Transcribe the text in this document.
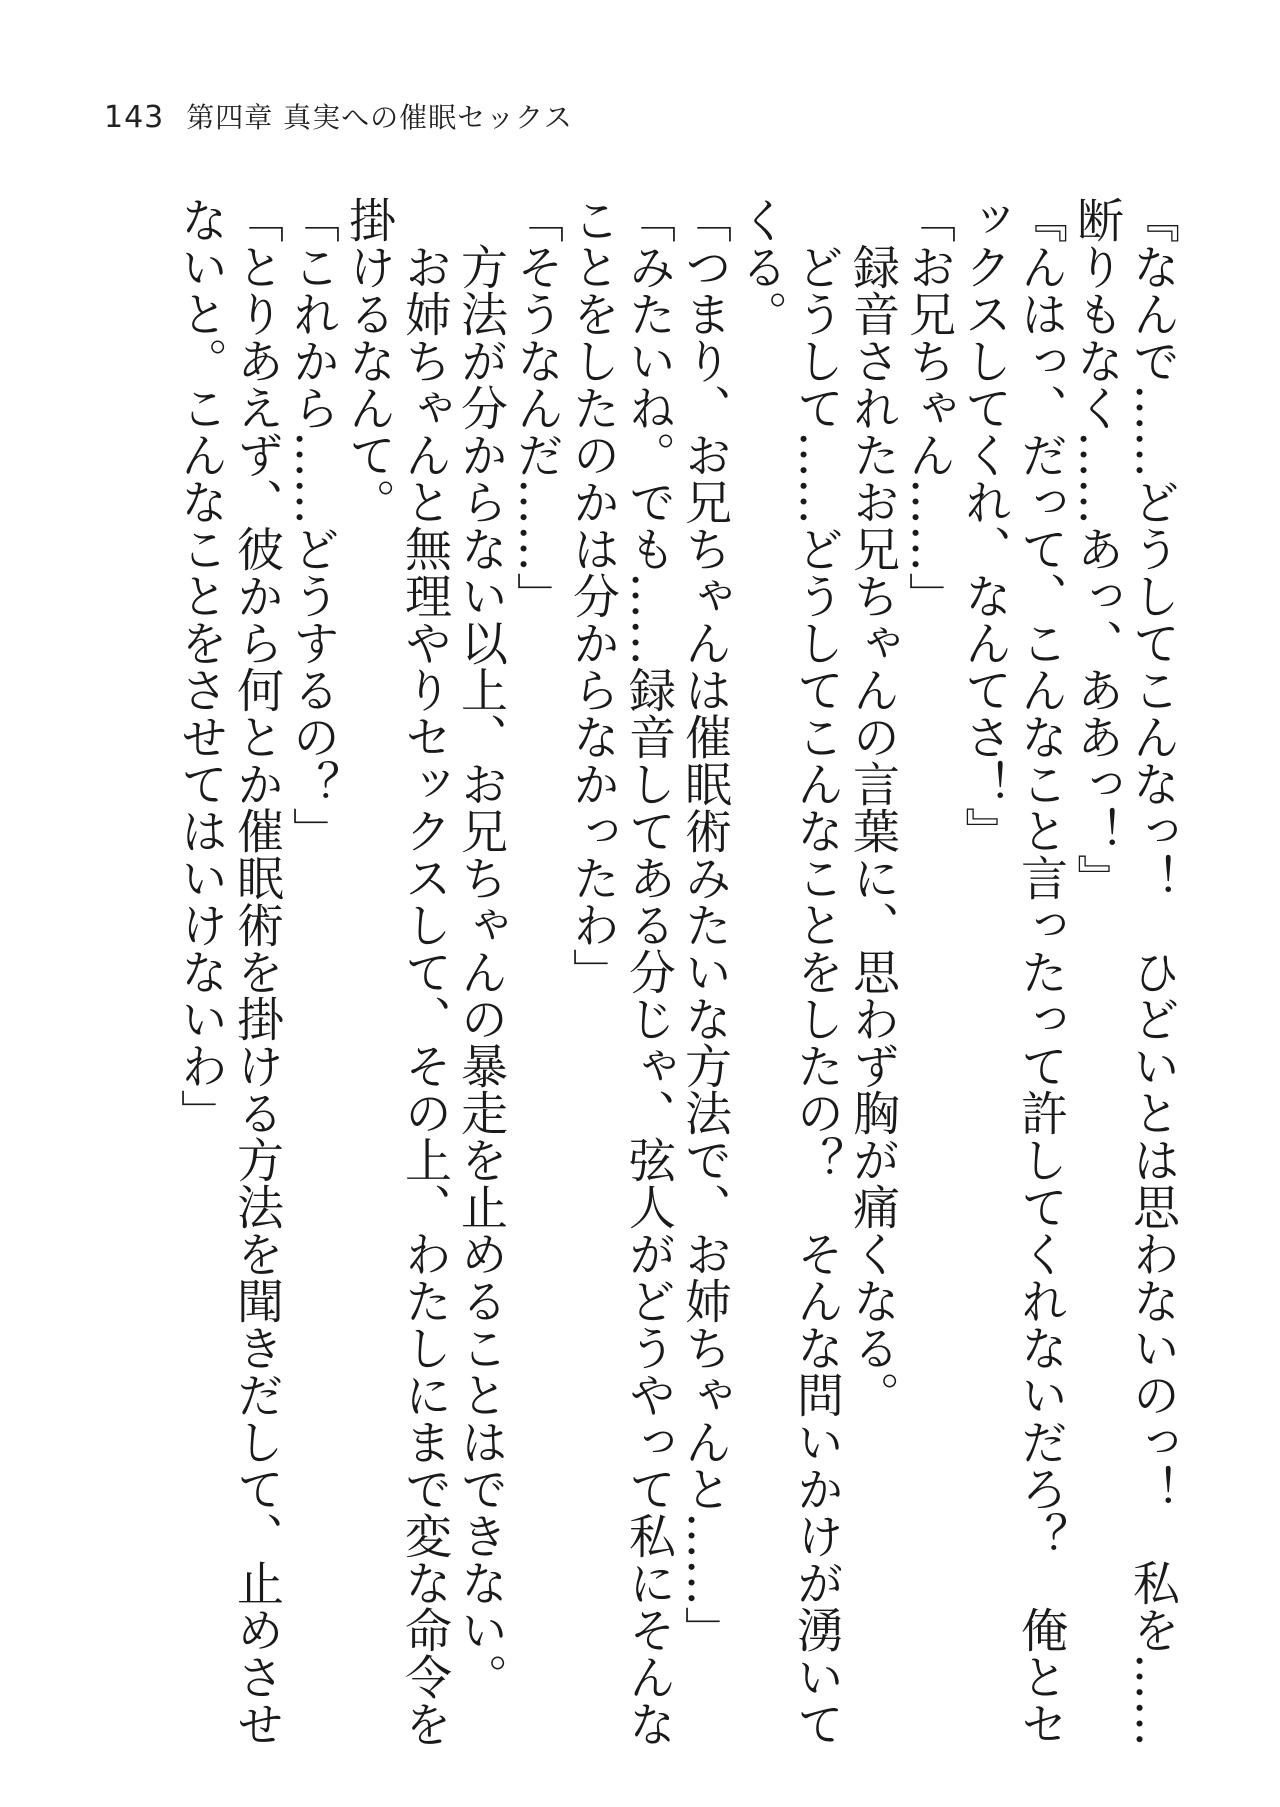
143 第四章 真実への催眠セックス

『なんで……どうしてこんなっ！　ひどいとは思わないのっ！　私を……断りもなく……あっ、ああっ！』

『んはっ、だって、こんなこと言ったって許してくれないだろ？　俺とセックスしてくれ、なんてさ！』

「お兄ちゃん……」

　録音されたお兄ちゃんの言葉に、思わず胸が痛くなる。

　どうして……どうしてこんなことをしたの？　そんな問いかけが湧いてくる。

「つまり、お兄ちゃんは催眠術みたいな方法で、お姉ちゃんと……」

「みたいね。でも……録音してある分じゃ、弦人がどうやって私にそんなことをしたのかは分からなかったわ」

「そうなんだ……」

　方法が分からない以上、お兄ちゃんの暴走を止めることはできない。

　お姉ちゃんと無理やりセックスして、その上、わたしにまで変な命令を掛けるなんて。

「これから……どうするの？」

「とりあえず、彼から何とか催眠術を掛ける方法を聞きだして、止めさせないと。こんなことをさせてはいけないわ」
